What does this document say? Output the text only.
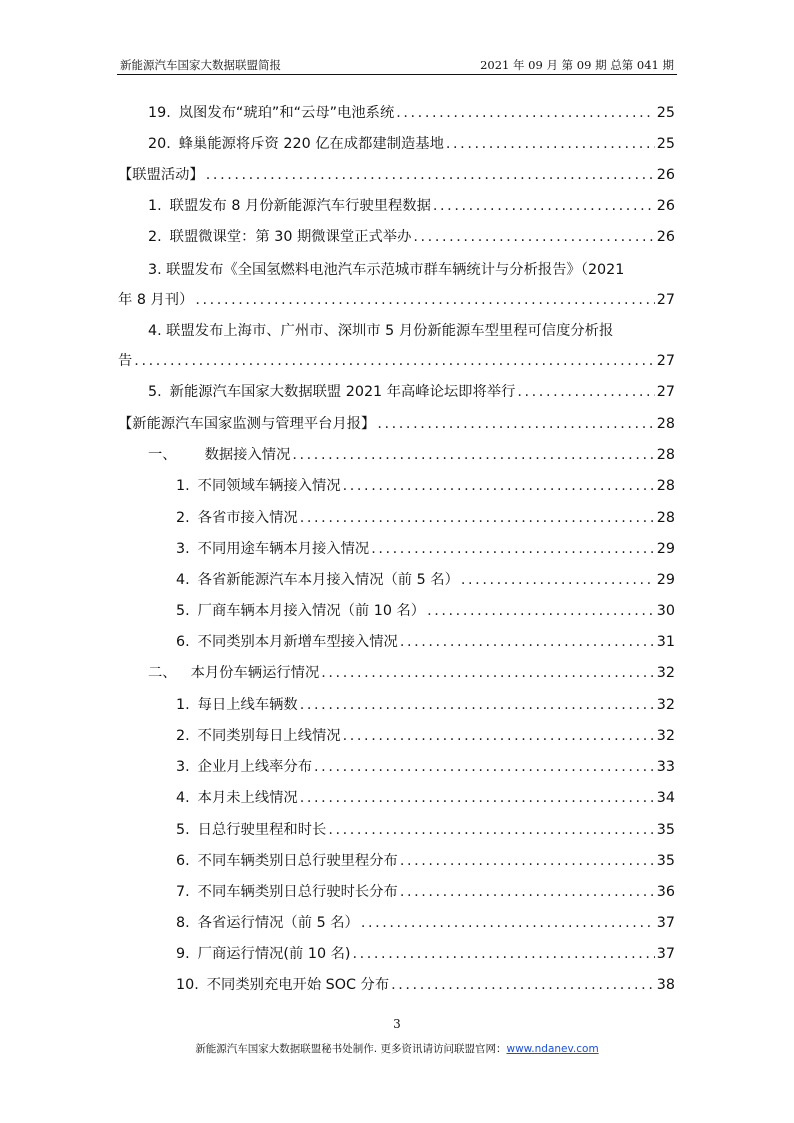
新能源汽车国家大数据联盟简报	2021 年 09 月 第 09 期 总第 041 期
19. 岚图发布“琥珀”和“云母”电池系统 .....	25
20. 蜂巢能源将斥资 220 亿在成都建制造基地 .....	25
【联盟活动】 .....	26
1. 联盟发布 8 月份新能源汽车行驶里程数据 .....	26
2. 联盟微课堂：第 30 期微课堂正式举办 .....	26
3. 联盟发布《全国氢燃料电池汽车示范城市群车辆统计与分析报告》（2021
年 8 月刊） .....	27
4. 联盟发布上海市、广州市、深圳市 5 月份新能源车型里程可信度分析报
告 .....	27
5. 新能源汽车国家大数据联盟 2021 年高峰论坛即将举行 .....	27
【新能源汽车国家监测与管理平台月报】 .....	28
一、 数据接入情况 .....	28
1. 不同领域车辆接入情况 .....	28
2. 各省市接入情况 .....	28
3. 不同用途车辆本月接入情况 .....	29
4. 各省新能源汽车本月接入情况（前 5 名） .....	29
5. 厂商车辆本月接入情况（前 10 名） .....	30
6. 不同类别本月新增车型接入情况 .....	31
二、 本月份车辆运行情况 .....	32
1. 每日上线车辆数 .....	32
2. 不同类别每日上线情况 .....	32
3. 企业月上线率分布 .....	33
4. 本月未上线情况 .....	34
5. 日总行驶里程和时长 .....	35
6. 不同车辆类别日总行驶里程分布 .....	35
7. 不同车辆类别日总行驶时长分布 .....	36
8. 各省运行情况（前 5 名） .....	37
9. 厂商运行情况(前 10 名) .....	37
10. 不同类别充电开始 SOC 分布 .....	38
3
新能源汽车国家大数据联盟秘书处制作. 更多资讯请访问联盟官网：www.ndanev.com
